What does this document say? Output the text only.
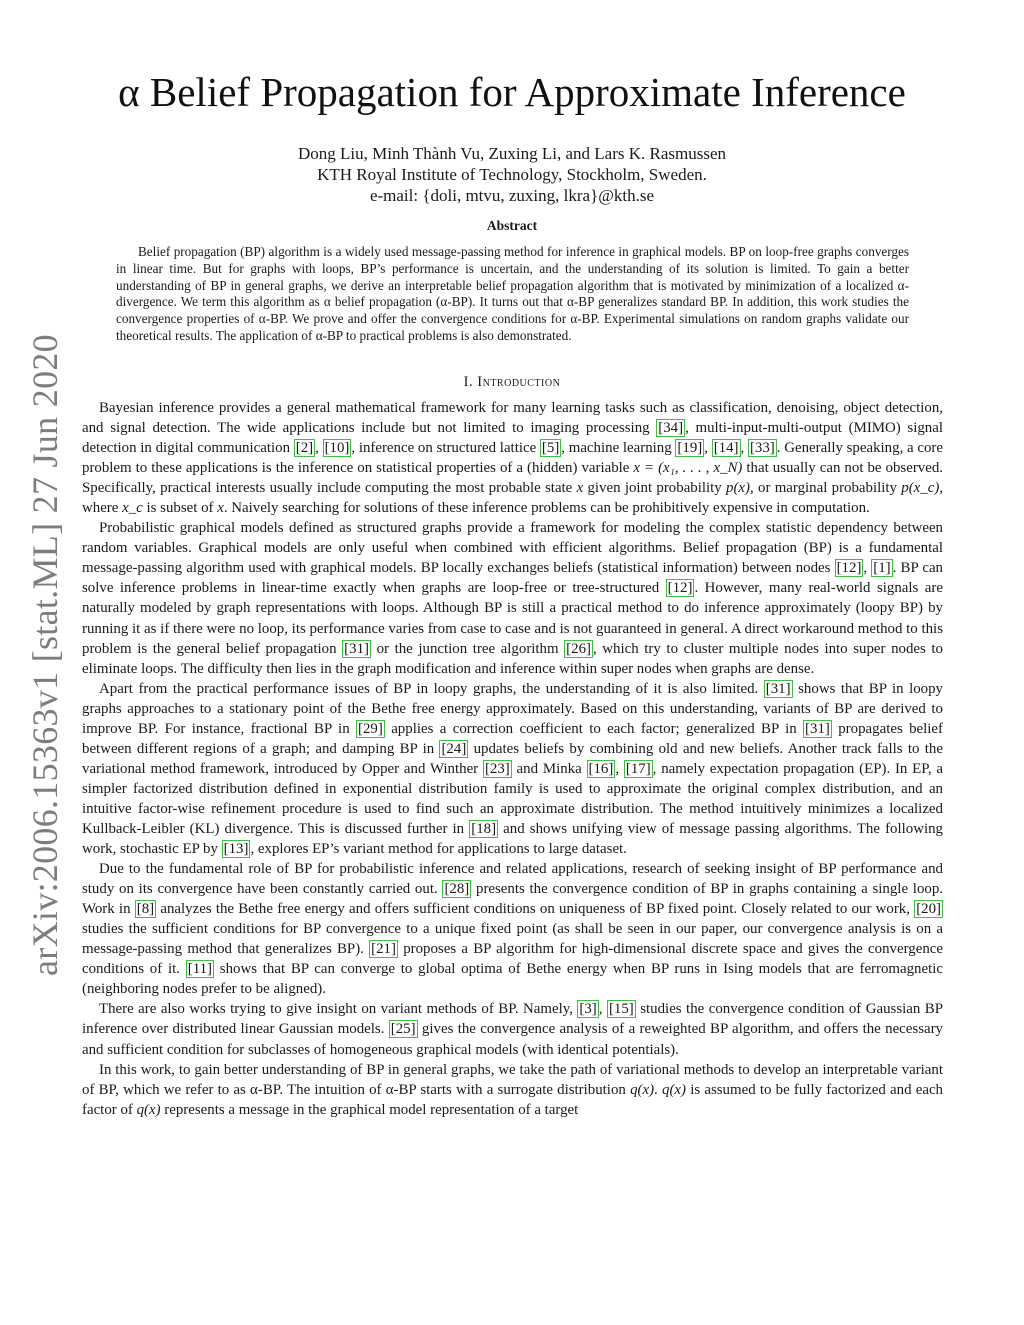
arXiv:2006.15363v1 [stat.ML] 27 Jun 2020
α Belief Propagation for Approximate Inference
Dong Liu, Minh Thành Vu, Zuxing Li, and Lars K. Rasmussen
KTH Royal Institute of Technology, Stockholm, Sweden.
e-mail: {doli, mtvu, zuxing, lkra}@kth.se
Abstract

Belief propagation (BP) algorithm is a widely used message-passing method for inference in graphical models. BP on loop-free graphs converges in linear time. But for graphs with loops, BP’s performance is uncertain, and the understanding of its solution is limited. To gain a better understanding of BP in general graphs, we derive an interpretable belief propagation algorithm that is motivated by minimization of a localized α-divergence. We term this algorithm as α belief propagation (α-BP). It turns out that α-BP generalizes standard BP. In addition, this work studies the convergence properties of α-BP. We prove and offer the convergence conditions for α-BP. Experimental simulations on random graphs validate our theoretical results. The application of α-BP to practical problems is also demonstrated.

I. Introduction

Bayesian inference provides a general mathematical framework for many learning tasks such as classification, denoising, object detection, and signal detection. The wide applications include but not limited to imaging processing [34] , multi-input-multi-output (MIMO) signal detection in digital communication [2] , [10] , inference on structured lattice [5] , machine learning [19] , [14] , [33] . Generally speaking, a core problem to these applications is the inference on statistical properties of a (hidden) variable x = (x₁, . . . , x_N) that usually can not be observed. Specifically, practical interests usually include computing the most probable state x given joint probability p(x), or marginal probability p(x_c), where x_c is subset of x. Naively searching for solutions of these inference problems can be prohibitively expensive in computation.

Probabilistic graphical models defined as structured graphs provide a framework for modeling the complex statistic dependency between random variables. Graphical models are only useful when combined with efficient algorithms. Belief propagation (BP) is a fundamental message-passing algorithm used with graphical models. BP locally exchanges beliefs (statistical information) between nodes [12] , [1] . BP can solve inference problems in linear-time exactly when graphs are loop-free or tree-structured [12] . However, many real-world signals are naturally modeled by graph representations with loops. Although BP is still a practical method to do inference approximately (loopy BP) by running it as if there were no loop, its performance varies from case to case and is not guaranteed in general. A direct workaround method to this problem is the general belief propagation [31] or the junction tree algorithm [26] , which try to cluster multiple nodes into super nodes to eliminate loops. The difficulty then lies in the graph modification and inference within super nodes when graphs are dense.

Apart from the practical performance issues of BP in loopy graphs, the understanding of it is also limited. [31] shows that BP in loopy graphs approaches to a stationary point of the Bethe free energy approximately. Based on this understanding, variants of BP are derived to improve BP. For instance, fractional BP in [29] applies a correction coefficient to each factor; generalized BP in [31] propagates belief between different regions of a graph; and damping BP in [24] updates beliefs by combining old and new beliefs. Another track falls to the variational method framework, introduced by Opper and Winther [23] and Minka [16] , [17] , namely expectation propagation (EP). In EP, a simpler factorized distribution defined in exponential distribution family is used to approximate the original complex distribution, and an intuitive factor-wise refinement procedure is used to find such an approximate distribution. The method intuitively minimizes a localized Kullback-Leibler (KL) divergence. This is discussed further in [18] and shows unifying view of message passing algorithms. The following work, stochastic EP by [13] , explores EP’s variant method for applications to large dataset.

Due to the fundamental role of BP for probabilistic inference and related applications, research of seeking insight of BP performance and study on its convergence have been constantly carried out. [28] presents the convergence condition of BP in graphs containing a single loop. Work in [8] analyzes the Bethe free energy and offers sufficient conditions on uniqueness of BP fixed point. Closely related to our work, [20] studies the sufficient conditions for BP convergence to a unique fixed point (as shall be seen in our paper, our convergence analysis is on a message-passing method that generalizes BP). [21] proposes a BP algorithm for high-dimensional discrete space and gives the convergence conditions of it. [11] shows that BP can converge to global optima of Bethe energy when BP runs in Ising models that are ferromagnetic (neighboring nodes prefer to be aligned).

There are also works trying to give insight on variant methods of BP. Namely, [3] , [15] studies the convergence condition of Gaussian BP inference over distributed linear Gaussian models. [25] gives the convergence analysis of a reweighted BP algorithm, and offers the necessary and sufficient condition for subclasses of homogeneous graphical models (with identical potentials).

In this work, to gain better understanding of BP in general graphs, we take the path of variational methods to develop an interpretable variant of BP, which we refer to as α-BP. The intuition of α-BP starts with a surrogate distribution q(x). q(x) is assumed to be fully factorized and each factor of q(x) represents a message in the graphical model representation of a target
